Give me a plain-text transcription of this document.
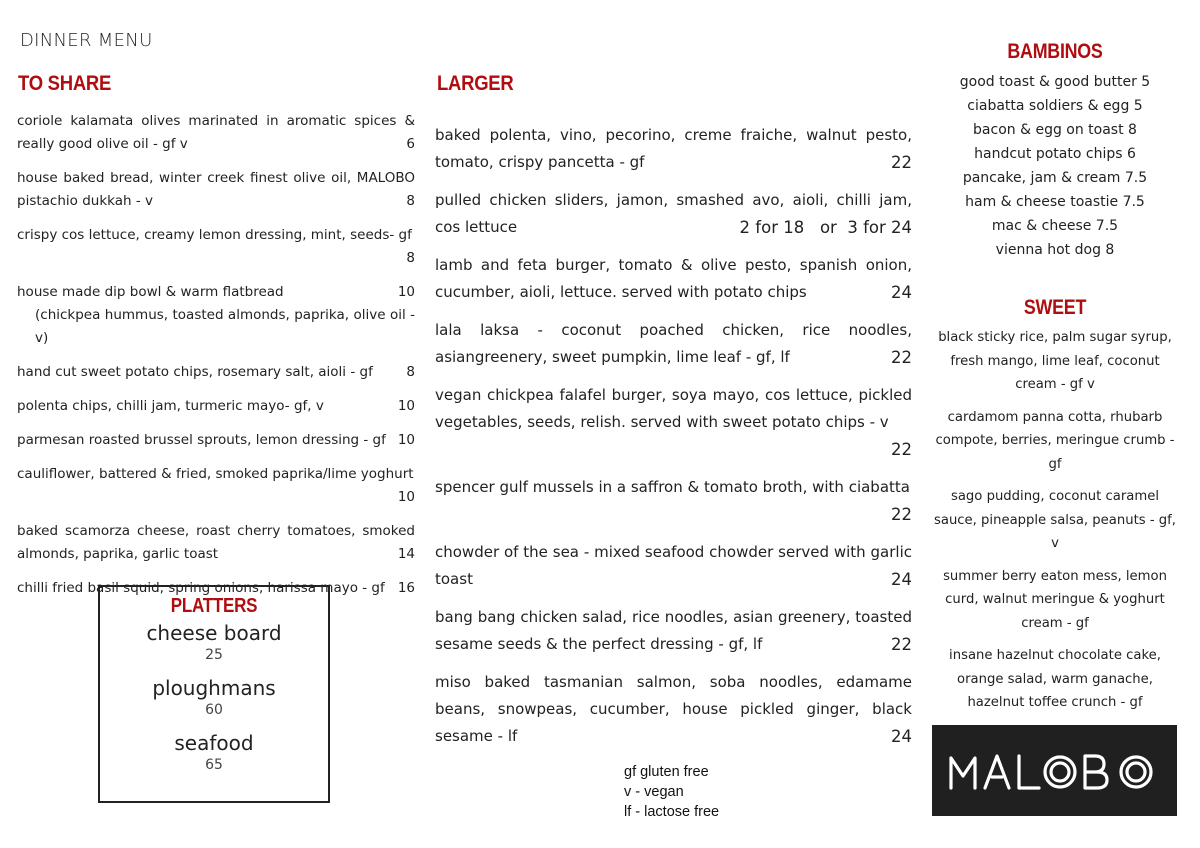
DINNER MENU
TO SHARE
coriole kalamata olives marinated in aromatic spices & really good olive oil - gf v	6
house baked bread, winter creek finest olive oil, MALOBO pistachio dukkah - v	8
crispy cos lettuce, creamy lemon dressing, mint, seeds- gf
8
10
house made dip bowl & warm flatbread
(chickpea hummus, toasted almonds, paprika, olive oil - v)
hand cut sweet potato chips, rosemary salt, aioli - gf 8
polenta chips, chilli jam, turmeric mayo- gf, v	10
parmesan roasted brussel sprouts, lemon dressing - gf 10
cauliflower, battered & fried, smoked paprika/lime yoghurt
10
baked scamorza cheese, roast cherry tomatoes, smoked almonds, paprika, garlic toast	14
chilli fried basil squid, spring onions, harissa mayo - gf 16
PLATTERS
cheese board
25
ploughmans
60
seafood
65
LARGER
baked polenta, vino, pecorino, creme fraiche, walnut pesto, tomato, crispy pancetta - gf	22
pulled chicken sliders, jamon, smashed avo, aioli, chilli jam, cos lettuce	2 for 18   or  3 for 24
lamb and feta burger, tomato & olive pesto, spanish onion, cucumber, aioli, lettuce. served with potato chips	24
lala laksa - coconut poached chicken, rice noodles, asiangreenery, sweet pumpkin, lime leaf - gf, lf	22
vegan chickpea falafel burger, soya mayo, cos lettuce, pickled vegetables, seeds, relish. served with sweet potato chips - v
22
spencer gulf mussels in a saffron & tomato broth, with ciabatta
22
chowder of the sea - mixed seafood chowder served with garlic toast	24
bang bang chicken salad, rice noodles, asian greenery, toasted sesame seeds & the perfect dressing - gf, lf	22
miso baked tasmanian salmon, soba noodles, edamame beans, snowpeas, cucumber, house pickled ginger, black sesame - lf	24
gf gluten free
v - vegan
lf - lactose free
BAMBINOS
good toast & good butter 5
ciabatta soldiers & egg 5
bacon & egg on toast 8
handcut potato chips 6
pancake, jam & cream 7.5
ham & cheese toastie 7.5
mac & cheese 7.5
vienna hot dog 8
SWEET
black sticky rice, palm sugar syrup, fresh mango, lime leaf, coconut cream - gf v
cardamom panna cotta, rhubarb compote, berries, meringue crumb - gf
sago pudding, coconut caramel sauce, pineapple salsa, peanuts - gf, v
summer berry eaton mess, lemon curd, walnut meringue & yoghurt cream - gf
insane hazelnut chocolate cake, orange salad, warm ganache, hazelnut toffee crunch - gf
